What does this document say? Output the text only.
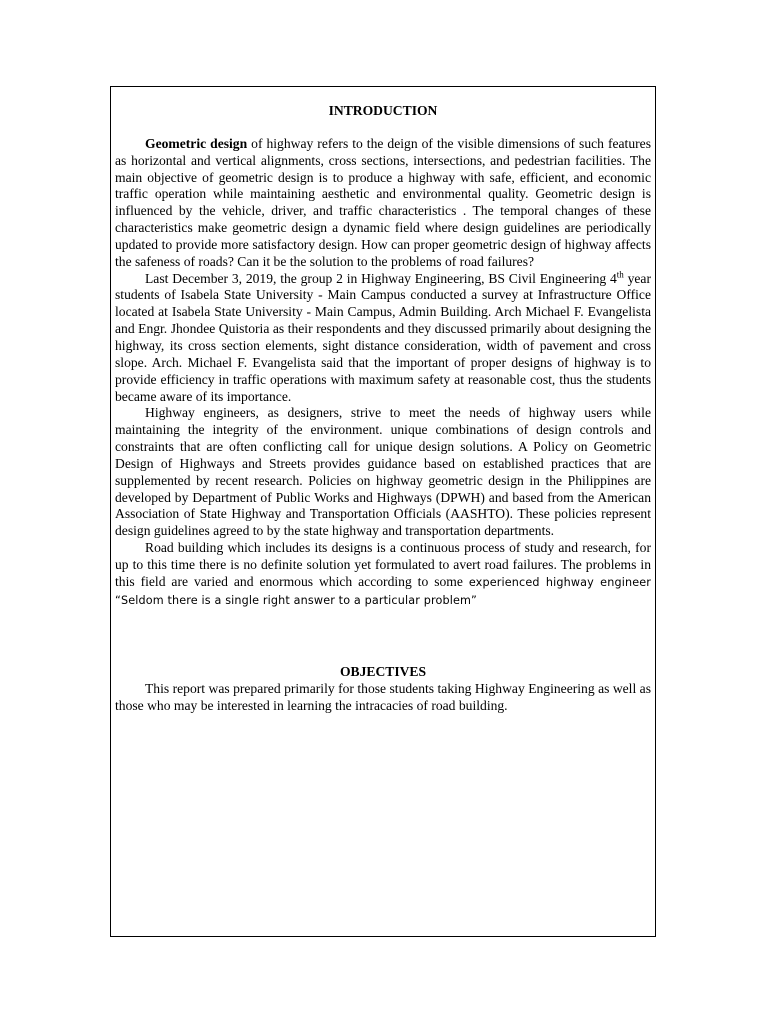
INTRODUCTION

Geometric design of highway refers to the deign of the visible dimensions of such features as horizontal and vertical alignments, cross sections, intersections, and pedestrian facilities. The main objective of geometric design is to produce a highway with safe, efficient, and economic traffic operation while maintaining aesthetic and environmental quality. Geometric design is influenced by the vehicle, driver, and traffic characteristics . The temporal changes of these characteristics make geometric design a dynamic field where design guidelines are periodically updated to provide more satisfactory design. How can proper geometric design of highway affects the safeness of roads? Can it be the solution to the problems of road failures?

Last December 3, 2019, the group 2 in Highway Engineering, BS Civil Engineering 4th year students of Isabela State University - Main Campus conducted a survey at Infrastructure Office located at Isabela State University - Main Campus, Admin Building. Arch Michael F. Evangelista and Engr. Jhondee Quistoria as their respondents and they discussed primarily about designing the highway, its cross section elements, sight distance consideration, width of pavement and cross slope. Arch. Michael F. Evangelista said that the important of proper designs of highway is to provide efficiency in traffic operations with maximum safety at reasonable cost, thus the students became aware of its importance.

Highway engineers, as designers, strive to meet the needs of highway users while maintaining the integrity of the environment. unique combinations of design controls and constraints that are often conflicting call for unique design solutions. A Policy on Geometric Design of Highways and Streets provides guidance based on established practices that are supplemented by recent research. Policies on highway geometric design in the Philippines are developed by Department of Public Works and Highways (DPWH) and based from the American Association of State Highway and Transportation Officials (AASHTO). These policies represent design guidelines agreed to by the state highway and transportation departments.

Road building which includes its designs is a continuous process of study and research, for up to this time there is no definite solution yet formulated to avert road failures. The problems in this field are varied and enormous which according to some experienced highway engineer “Seldom there is a single right answer to a particular problem”

OBJECTIVES

This report was prepared primarily for those students taking Highway Engineering as well as those who may be interested in learning the intracacies of road building.
